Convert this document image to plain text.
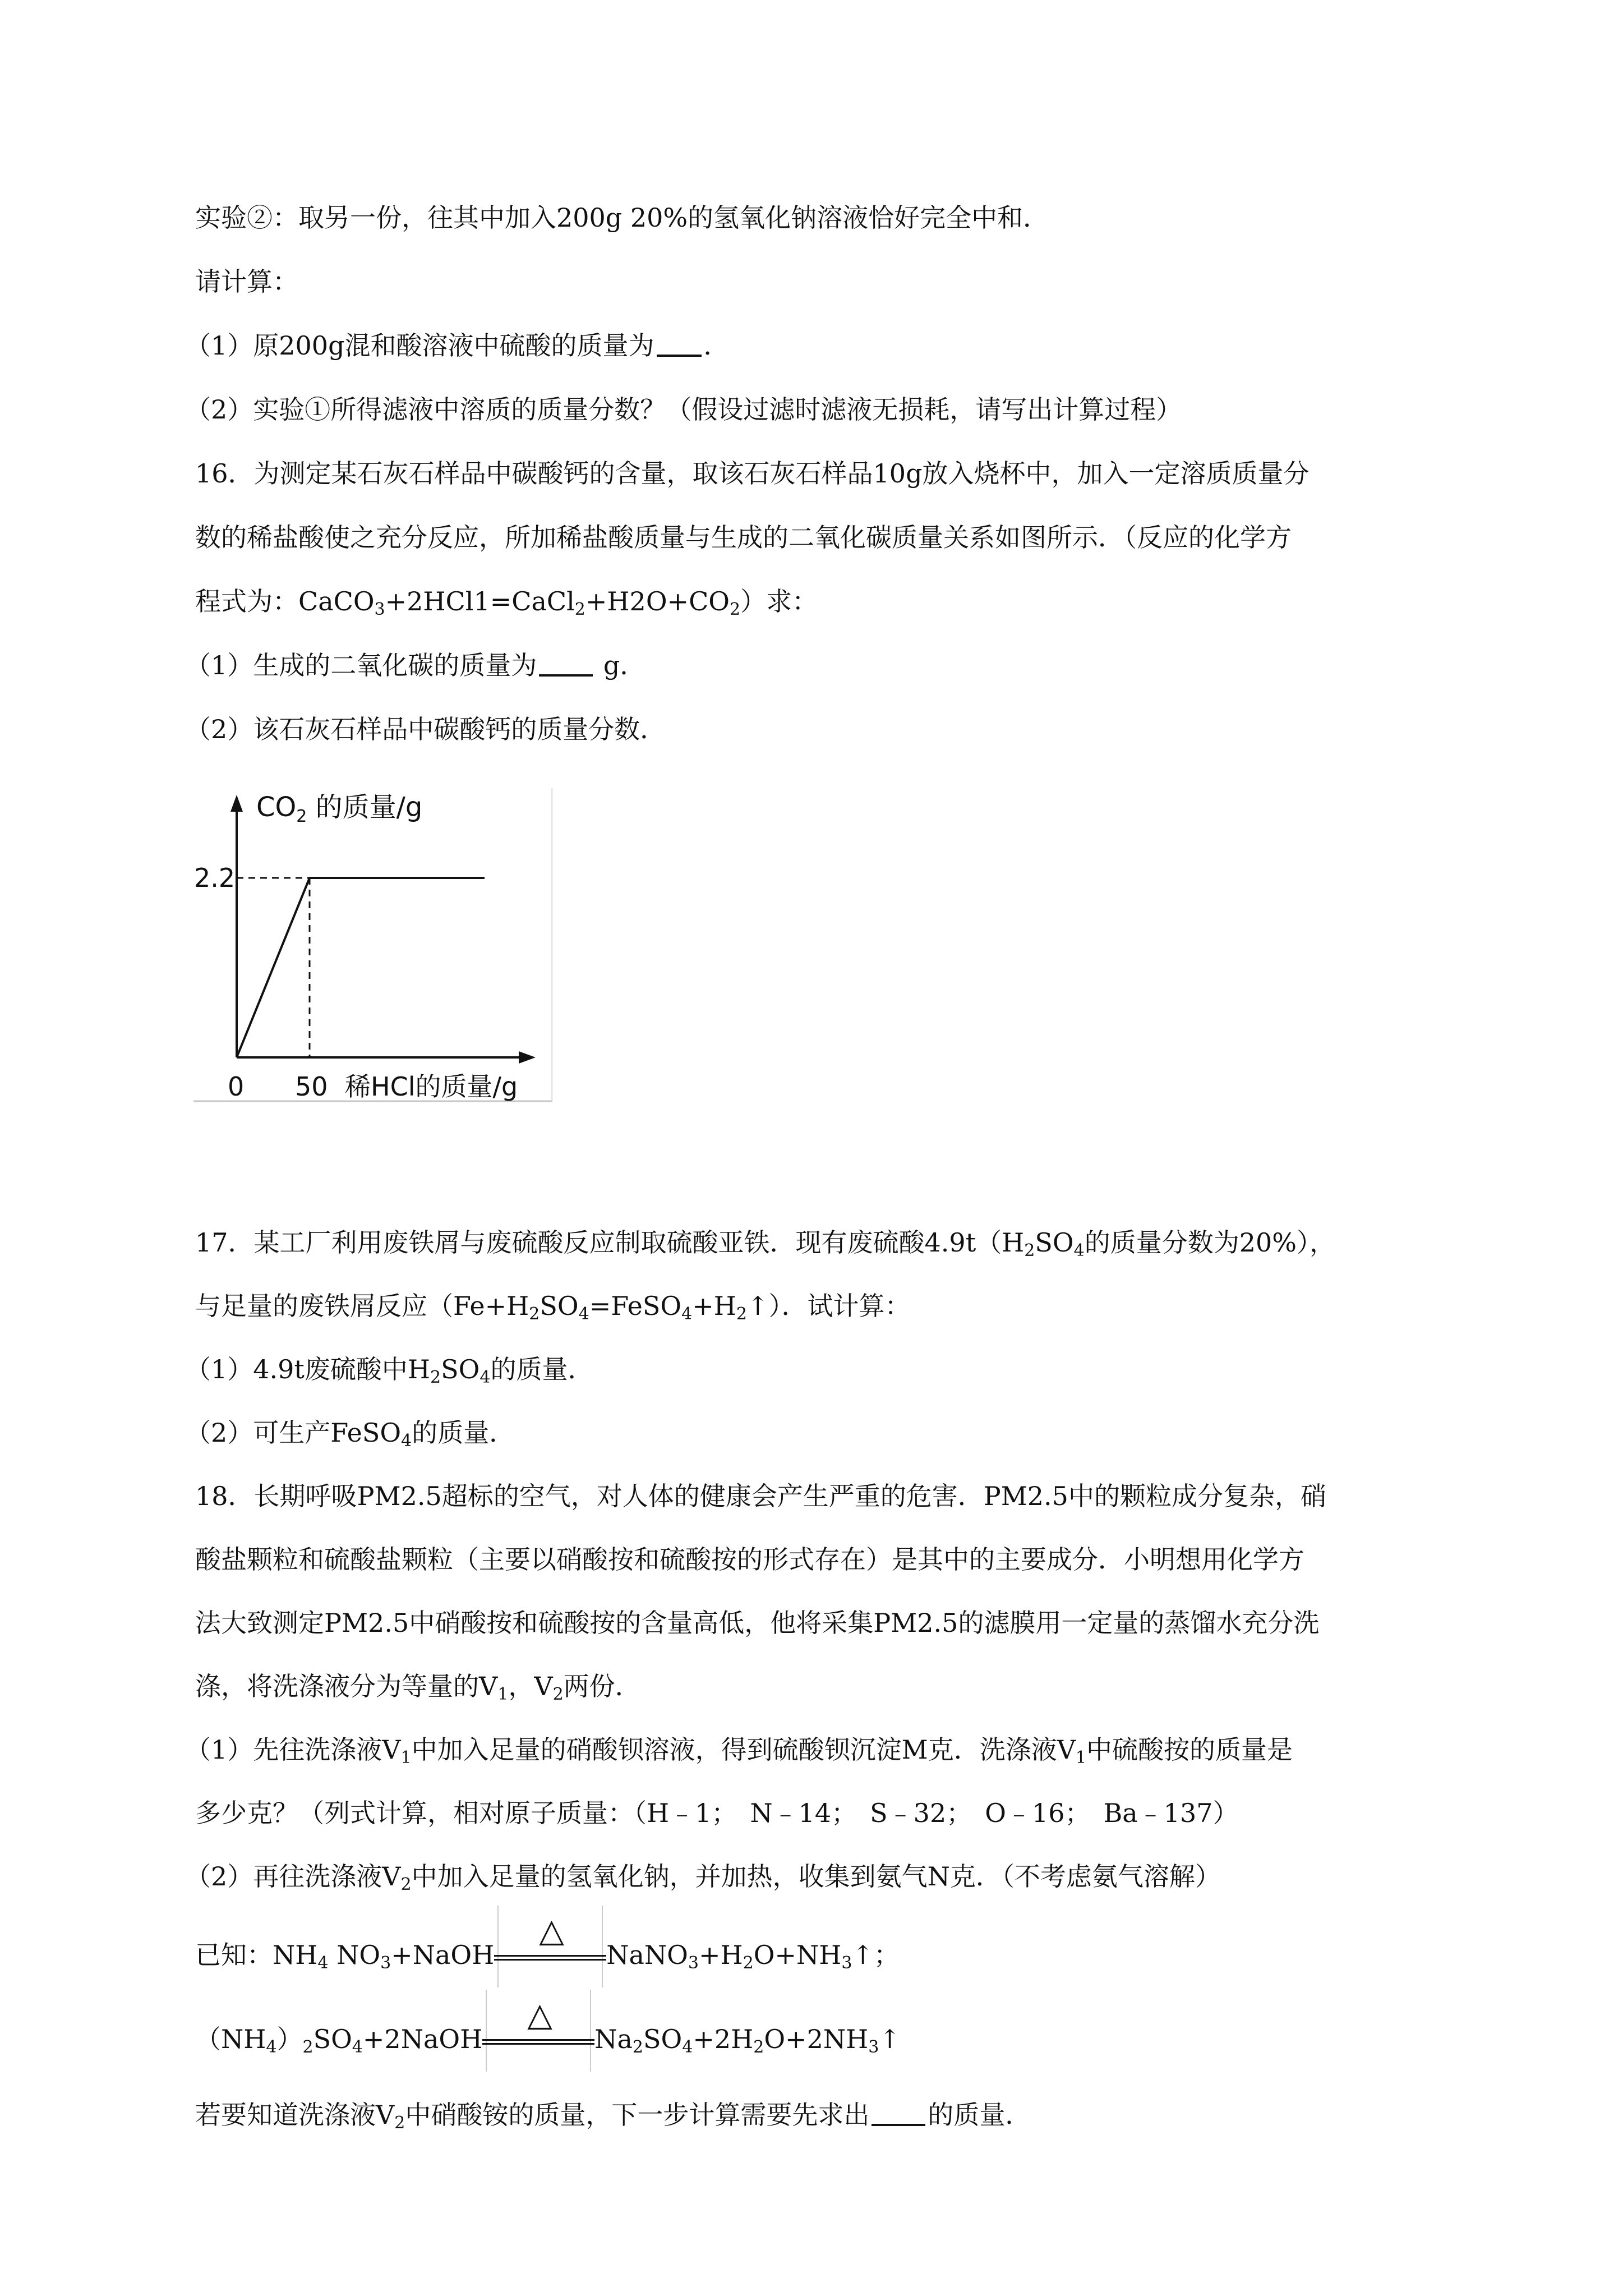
实验②：取另一份，往其中加入200g 20%的氢氧化钠溶液恰好完全中和．
请计算：
（1）原200g混和酸溶液中硫酸的质量为 ．
（2）实验①所得滤液中溶质的质量分数？（假设过滤时滤液无损耗，请写出计算过程）
16．为测定某石灰石样品中碳酸钙的含量，取该石灰石样品10g放入烧杯中，加入一定溶质质量分
数的稀盐酸使之充分反应，所加稀盐酸质量与生成的二氧化碳质量关系如图所示．（反应的化学方
程式为：$CaCO_3+2HCl1=CaCl_2+H2O+CO_2$）求：
（1）生成的二氧化碳的质量为 g．
（2）该石灰石样品中碳酸钙的质量分数．
$CO_2$ 的质量/g
2.2
0 50 稀HCl的质量/g
17．某工厂利用废铁屑与废硫酸反应制取硫酸亚铁．现有废硫酸$4.9t(H_2SO_4$的质量分数为20%），
与足量的废铁屑反应$(Fe+H_2SO_4=FeSO_4+H_2↑)$．试计算：
（1）4.9t废硫酸中$H_2SO_4$的质量．
（2）可生产FeSO$_4$的质量．
18．长期呼吸PM2.5超标的空气，对人体的健康会产生严重的危害．PM2.5中的颗粒成分复杂，硝
酸盐颗粒和硫酸盐颗粒（主要以硝酸按和硫酸按的形式存在）是其中的主要成分．小明想用化学方
法大致测定PM2.5中硝酸按和硫酸按的含量高低，他将采集PM2.5的滤膜用一定量的蒸馏水充分洗
涤，将洗涤液分为等量的$V_1$，$V_2$两份．
（1）先往洗涤液$V_1$中加入足量的硝酸钡溶液，得到硫酸钡沉淀M克．洗涤液$V_1$中硫酸按的质量是
多少克？（列式计算，相对原子质量：（H﹣1；　N﹣14；　S﹣32；　O﹣16；　Ba﹣137）
（2）再往洗涤液$V_2$中加入足量的氢氧化钠，并加热，收集到氨气N克．（不考虑氨气溶解）
已知：$NH_4$ $NO_3+NaOH$
△
$NaNO_3+H_2O+NH_3↑$；
$(NH_4)_2SO_4+2NaOH$
△
$Na_2SO_4+2H_2O+2NH_3↑$
若要知道洗涤液$V_2$中硝酸铵的质量，下一步计算需要先求出 的质量．
